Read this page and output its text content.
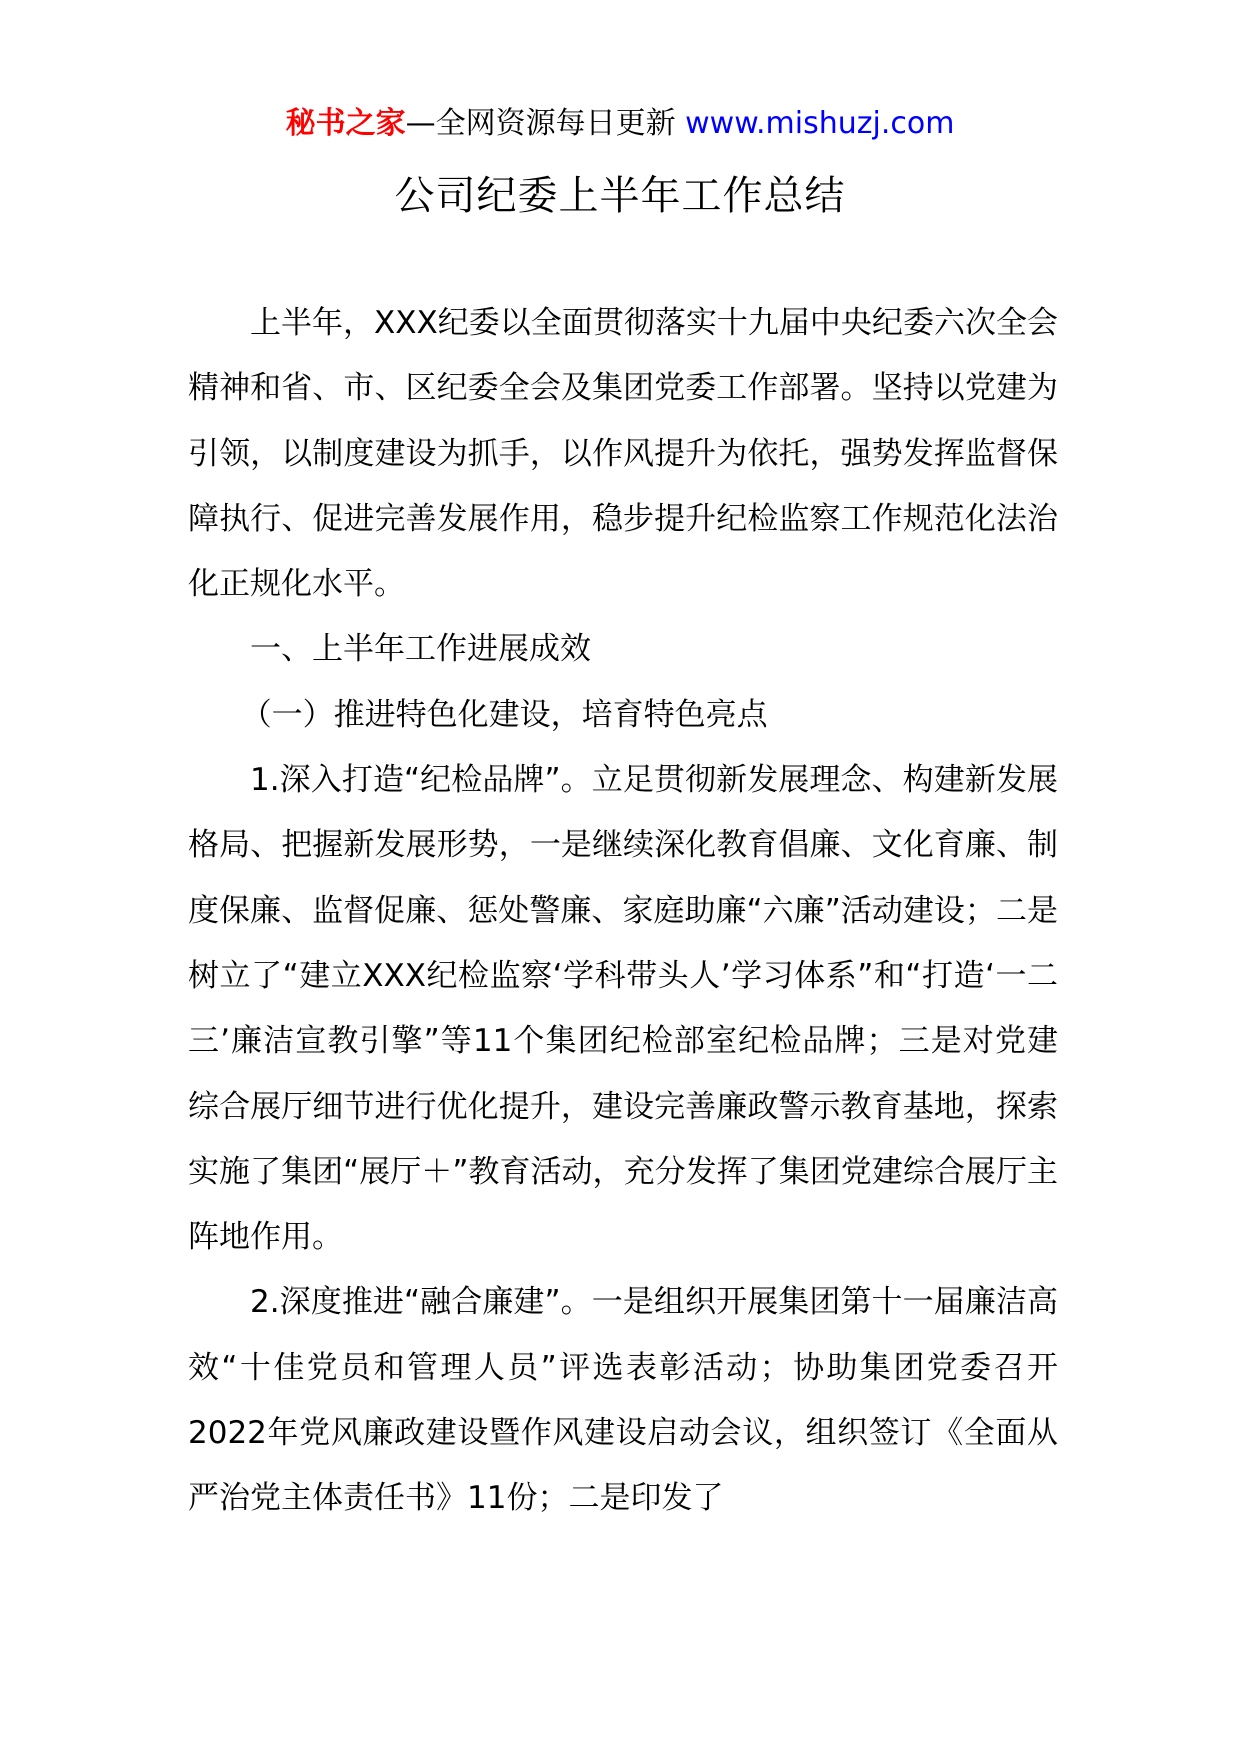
秘书之家—全网资源每日更新 www.mishuzj.com
公司纪委上半年工作总结

上半年，XXX纪委以全面贯彻落实十九届中央纪委六次全会精神和省、市、区纪委全会及集团党委工作部署。坚持以党建为引领，以制度建设为抓手，以作风提升为依托，强势发挥监督保障执行、促进完善发展作用，稳步提升纪检监察工作规范化法治化正规化水平。

一、上半年工作进展成效

（一）推进特色化建设，培育特色亮点

1.深入打造“纪检品牌”。立足贯彻新发展理念、构建新发展格局、把握新发展形势，一是继续深化教育倡廉、文化育廉、制度保廉、监督促廉、惩处警廉、家庭助廉“六廉”活动建设；二是树立了“建立XXX纪检监察‘学科带头人’学习体系”和“打造‘一二三’廉洁宣教引擎”等11个集团纪检部室纪检品牌；三是对党建综合展厅细节进行优化提升，建设完善廉政警示教育基地，探索实施了集团“展厅＋”教育活动，充分发挥了集团党建综合展厅主阵地作用。

2.深度推进“融合廉建”。一是组织开展集团第十一届廉洁高效“十佳党员和管理人员”评选表彰活动；协助集团党委召开2022年党风廉政建设暨作风建设启动会议，组织签订《全面从严治党主体责任书》11份；二是印发了
